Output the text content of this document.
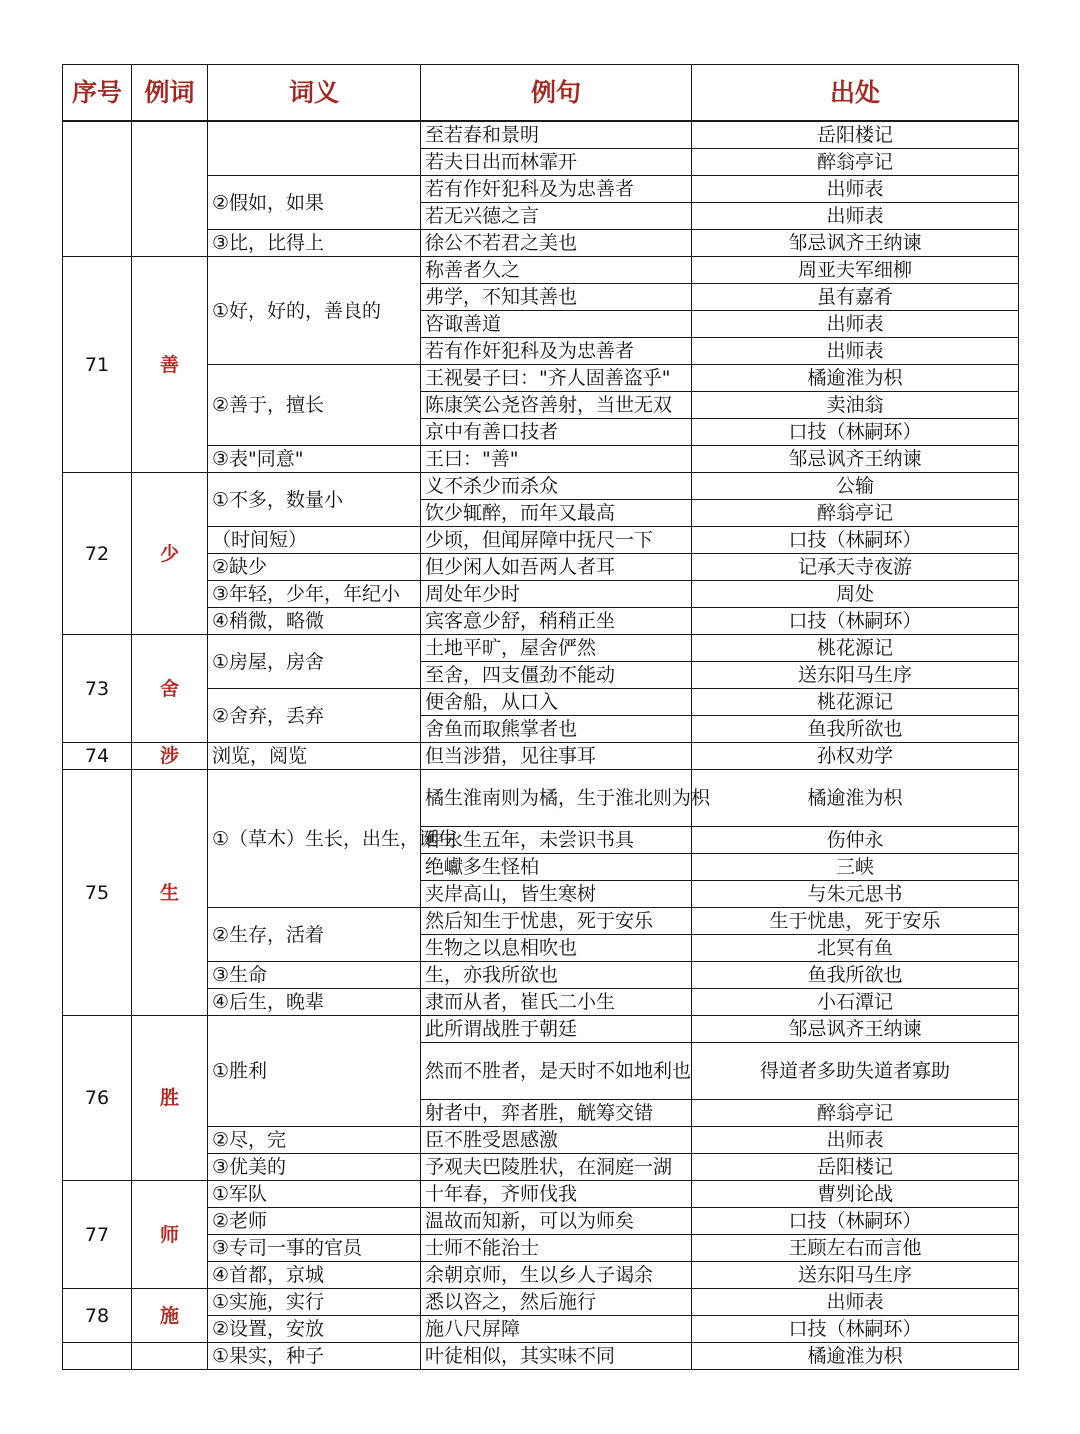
序号	例词	词义	例句	出处
			至若春和景明	岳阳楼记
			若夫日出而林霏开	醉翁亭记
		②假如，如果	若有作奸犯科及为忠善者	出师表
			若无兴德之言	出师表
		③比，比得上	徐公不若君之美也	邹忌讽齐王纳谏
71	善	①好，好的，善良的	称善者久之	周亚夫军细柳
			弗学，不知其善也	虽有嘉肴
			咨诹善道	出师表
			若有作奸犯科及为忠善者	出师表
		②善于，擅长	王视晏子曰："齐人固善盗乎"	橘逾淮为枳
			陈康笑公尧咨善射，当世无双	卖油翁
			京中有善口技者	口技（林嗣环）
		③表"同意"	王曰："善"	邹忌讽齐王纳谏
72	少	①不多，数量小	义不杀少而杀众	公输
			饮少辄醉，而年又最高	醉翁亭记
		（时间短）	少顷，但闻屏障中抚尺一下	口技（林嗣环）
		②缺少	但少闲人如吾两人者耳	记承天寺夜游
		③年轻，少年，年纪小	周处年少时	周处
		④稍微，略微	宾客意少舒，稍稍正坐	口技（林嗣环）
73	舍	①房屋，房舍	土地平旷，屋舍俨然	桃花源记
			至舍，四支僵劲不能动	送东阳马生序
		②舍弃，丢弃	便舍船，从口入	桃花源记
			舍鱼而取熊掌者也	鱼我所欲也
74	涉	浏览，阅览	但当涉猎，见往事耳	孙权劝学
75	生	①（草木）生长，出生，诞生	橘生淮南则为橘，生于淮北则为枳	橘逾淮为枳
			仲永生五年，未尝识书具	伤仲永
			绝巘多生怪柏	三峡
			夹岸高山，皆生寒树	与朱元思书
		②生存，活着	然后知生于忧患，死于安乐	生于忧患，死于安乐
			生物之以息相吹也	北冥有鱼
		③生命	生，亦我所欲也	鱼我所欲也
		④后生，晚辈	隶而从者，崔氏二小生	小石潭记
76	胜	①胜利	此所谓战胜于朝廷	邹忌讽齐王纳谏
			然而不胜者，是天时不如地利也	得道者多助失道者寡助
			射者中，弈者胜，觥筹交错	醉翁亭记
		②尽，完	臣不胜受恩感激	出师表
		③优美的	予观夫巴陵胜状，在洞庭一湖	岳阳楼记
77	师	①军队	十年春，齐师伐我	曹刿论战
		②老师	温故而知新，可以为师矣	口技（林嗣环）
		③专司一事的官员	士师不能治士	王顾左右而言他
		④首都，京城	余朝京师，生以乡人子谒余	送东阳马生序
78	施	①实施，实行	悉以咨之，然后施行	出师表
		②设置，安放	施八尺屏障	口技（林嗣环）
		①果实，种子	叶徒相似，其实味不同	橘逾淮为枳
